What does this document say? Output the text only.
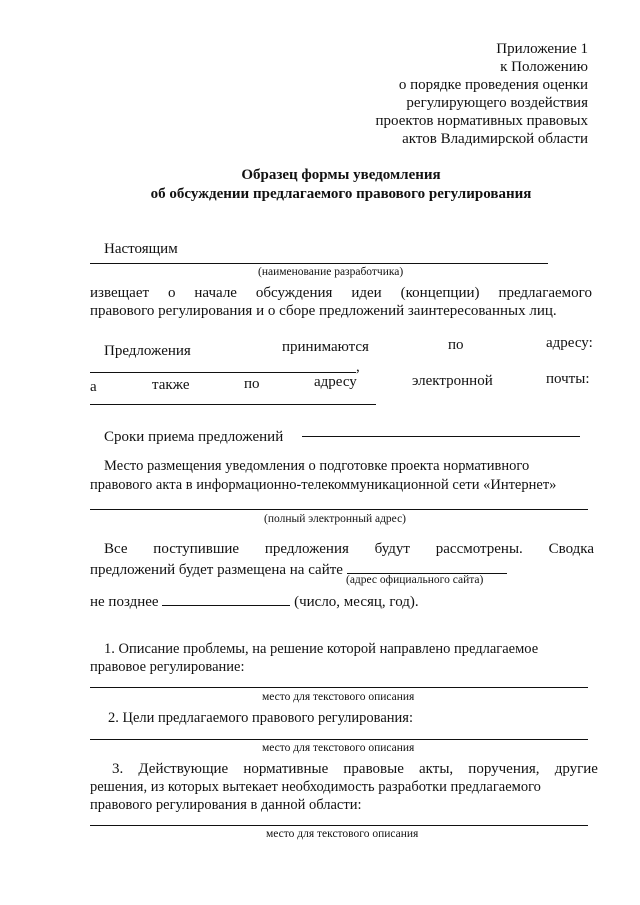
Приложение 1
к Положению
о порядке проведения оценки
регулирующего воздействия
проектов нормативных правовых
актов Владимирской области
Образец формы уведомления
об обсуждении предлагаемого правового регулирования
Настоящим
(наименование разработчика)
извещает о начале обсуждения идеи (концепции) предлагаемого
правового регулирования и о сборе предложений заинтересованных лиц.
Предложения	принимаются	по	адресу:
,
а	также	по	адресу	электронной	почты:
Сроки приема предложений
Место размещения уведомления о подготовке проекта нормативного
правового акта в информационно-телекоммуникационной сети «Интернет»
(полный электронный адрес)
Все поступившие предложения будут рассмотрены. Сводка
предложений будет размещена на сайте
(адрес официального сайта)
не позднее	(число, месяц, год).
1. Описание проблемы, на решение которой направлено предлагаемое
правовое регулирование:
место для текстового описания
2. Цели предлагаемого правового регулирования:
место для текстового описания
3. Действующие нормативные правовые акты, поручения, другие
решения, из которых вытекает необходимость разработки предлагаемого
правового регулирования в данной области:
место для текстового описания
